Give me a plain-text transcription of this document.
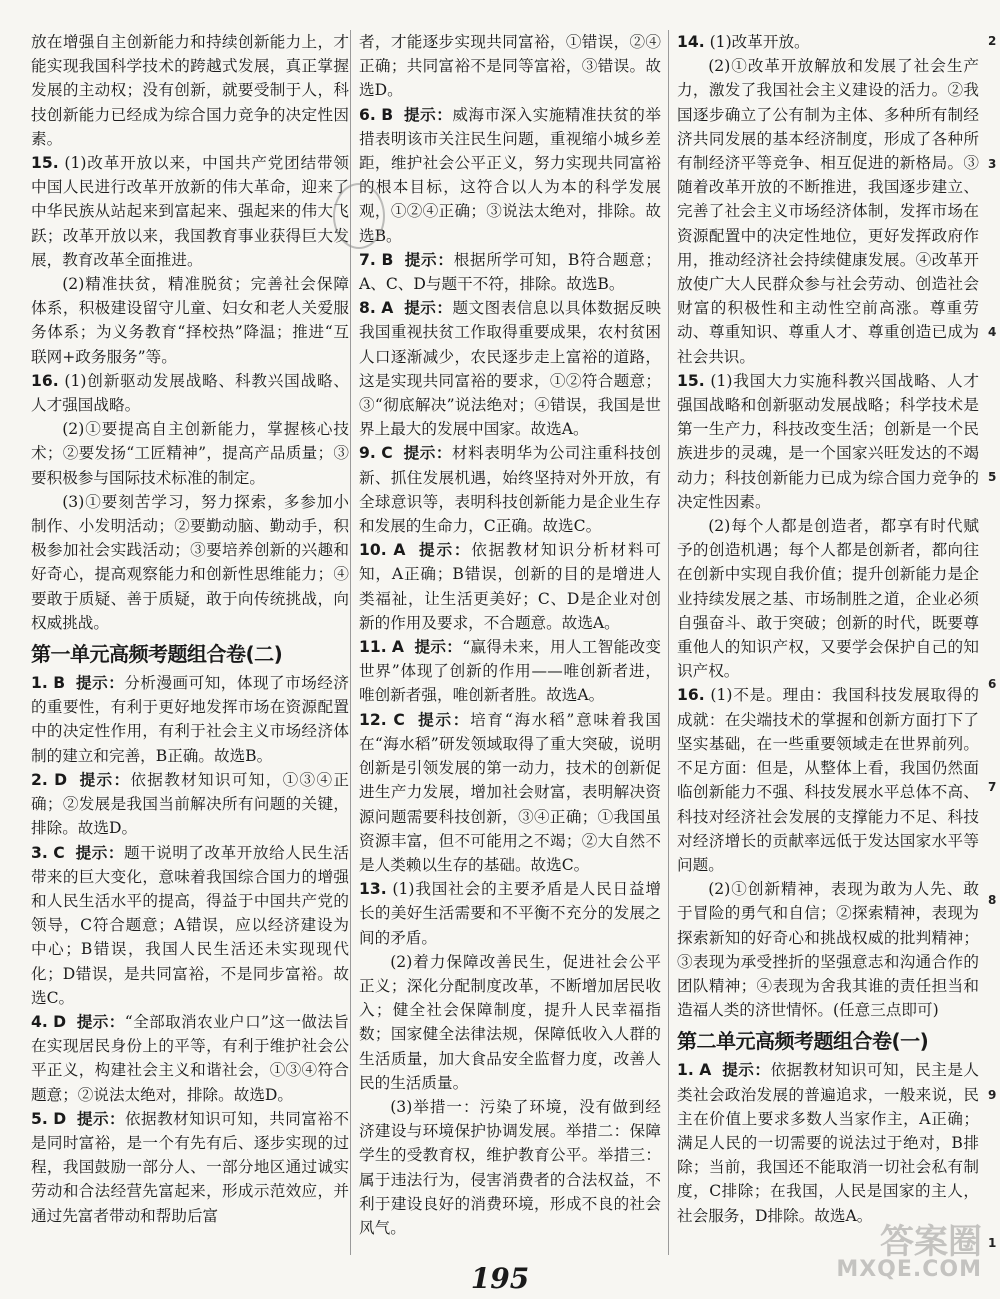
放在增强自主创新能力和持续创新能力上，才能实现我国科学技术的跨越式发展，真正掌握发展的主动权；没有创新，就要受制于人，科技创新能力已经成为综合国力竞争的决定性因素。

15. (1)改革开放以来，中国共产党团结带领中国人民进行改革开放新的伟大革命，迎来了中华民族从站起来到富起来、强起来的伟大飞跃；改革开放以来，我国教育事业获得巨大发展，教育改革全面推进。

(2)精准扶贫，精准脱贫；完善社会保障体系，积极建设留守儿童、妇女和老人关爱服务体系；为义务教育“择校热”降温；推进“互联网+政务服务”等。

16. (1)创新驱动发展战略、科教兴国战略、人才强国战略。

(2)①要提高自主创新能力，掌握核心技术；②要发扬“工匠精神”，提高产品质量；③要积极参与国际技术标准的制定。

(3)①要刻苦学习，努力探索，多参加小制作、小发明活动；②要勤动脑、勤动手，积极参加社会实践活动；③要培养创新的兴趣和好奇心，提高观察能力和创新性思维能力；④要敢于质疑、善于质疑，敢于向传统挑战，向权威挑战。

第一单元高频考题组合卷(二)

1. B 提示：分析漫画可知，体现了市场经济的重要性，有利于更好地发挥市场在资源配置中的决定性作用，有利于社会主义市场经济体制的建立和完善，B正确。故选B。

2. D 提示：依据教材知识可知，①③④正确；②发展是我国当前解决所有问题的关键，排除。故选D。

3. C 提示：题干说明了改革开放给人民生活带来的巨大变化，意味着我国综合国力的增强和人民生活水平的提高，得益于中国共产党的领导，C符合题意；A错误，应以经济建设为中心；B错误，我国人民生活还未实现现代化；D错误，是共同富裕，不是同步富裕。故选C。

4. D 提示：“全部取消农业户口”这一做法旨在实现居民身份上的平等，有利于维护社会公平正义，构建社会主义和谐社会，①③④符合题意；②说法太绝对，排除。故选D。

5. D 提示：依据教材知识可知，共同富裕不是同时富裕，是一个有先有后、逐步实现的过程，我国鼓励一部分人、一部分地区通过诚实劳动和合法经营先富起来，形成示范效应，并通过先富者带动和帮助后富

者，才能逐步实现共同富裕，①错误，②④正确；共同富裕不是同等富裕，③错误。故选D。

6. B 提示：威海市深入实施精准扶贫的举措表明该市关注民生问题，重视缩小城乡差距，维护社会公平正义，努力实现共同富裕的根本目标，这符合以人为本的科学发展观，①②④正确；③说法太绝对，排除。故选B。

7. B 提示：根据所学可知，B符合题意；A、C、D与题干不符，排除。故选B。

8. A 提示：题文图表信息以具体数据反映我国重视扶贫工作取得重要成果，农村贫困人口逐渐减少，农民逐步走上富裕的道路，这是实现共同富裕的要求，①②符合题意；③“彻底解决”说法绝对；④错误，我国是世界上最大的发展中国家。故选A。

9. C 提示：材料表明华为公司注重科技创新、抓住发展机遇，始终坚持对外开放，有全球意识等，表明科技创新能力是企业生存和发展的生命力，C正确。故选C。

10. A 提示：依据教材知识分析材料可知，A正确；B错误，创新的目的是增进人类福祉，让生活更美好；C、D是企业对创新的作用及要求，不合题意。故选A。

11. A 提示：“赢得未来，用人工智能改变世界”体现了创新的作用——唯创新者进，唯创新者强，唯创新者胜。故选A。

12. C 提示：培育“海水稻”意味着我国在“海水稻”研发领域取得了重大突破，说明创新是引领发展的第一动力，技术的创新促进生产力发展，增加社会财富，表明解决资源问题需要科技创新，③④正确；①我国虽资源丰富，但不可能用之不竭；②大自然不是人类赖以生存的基础。故选C。

13. (1)我国社会的主要矛盾是人民日益增长的美好生活需要和不平衡不充分的发展之间的矛盾。

(2)着力保障改善民生，促进社会公平正义；深化分配制度改革，不断增加居民收入；健全社会保障制度，提升人民幸福指数；国家健全法律法规，保障低收入人群的生活质量，加大食品安全监督力度，改善人民的生活质量。

(3)举措一：污染了环境，没有做到经济建设与环境保护协调发展。举措二：保障学生的受教育权，维护教育公平。举措三：属于违法行为，侵害消费者的合法权益，不利于建设良好的消费环境，形成不良的社会风气。

14. (1)改革开放。

(2)①改革开放解放和发展了社会生产力，激发了我国社会主义建设的活力。②我国逐步确立了公有制为主体、多种所有制经济共同发展的基本经济制度，形成了各种所有制经济平等竞争、相互促进的新格局。③随着改革开放的不断推进，我国逐步建立、完善了社会主义市场经济体制，发挥市场在资源配置中的决定性地位，更好发挥政府作用，推动经济社会持续健康发展。④改革开放使广大人民群众参与社会劳动、创造社会财富的积极性和主动性空前高涨。尊重劳动、尊重知识、尊重人才、尊重创造已成为社会共识。

15. (1)我国大力实施科教兴国战略、人才强国战略和创新驱动发展战略；科学技术是第一生产力，科技改变生活；创新是一个民族进步的灵魂，是一个国家兴旺发达的不竭动力；科技创新能力已成为综合国力竞争的决定性因素。

(2)每个人都是创造者，都享有时代赋予的创造机遇；每个人都是创新者，都向往在创新中实现自我价值；提升创新能力是企业持续发展之基、市场制胜之道，企业必须自强奋斗、敢于突破；创新的时代，既要尊重他人的知识产权，又要学会保护自己的知识产权。

16. (1)不是。理由：我国科技发展取得的成就：在尖端技术的掌握和创新方面打下了坚实基础，在一些重要领域走在世界前列。不足方面：但是，从整体上看，我国仍然面临创新能力不强、科技发展水平总体不高、科技对经济社会发展的支撑能力不足、科技对经济增长的贡献率远低于发达国家水平等问题。

(2)①创新精神，表现为敢为人先、敢于冒险的勇气和自信；②探索精神，表现为探索新知的好奇心和挑战权威的批判精神；③表现为承受挫折的坚强意志和沟通合作的团队精神；④表现为舍我其谁的责任担当和造福人类的济世情怀。(任意三点即可)

第二单元高频考题组合卷(一)

1. A 提示：依据教材知识可知，民主是人类社会政治发展的普遍追求，一般来说，民主在价值上要求多数人当家作主，A正确；满足人民的一切需要的说法过于绝对，B排除；当前，我国还不能取消一切社会私有制度，C排除；在我国，人民是国家的主人，社会服务，D排除。故选A。

195
2
3
4
5
6
7
8
9
1
答案圈
MXQE.COM
